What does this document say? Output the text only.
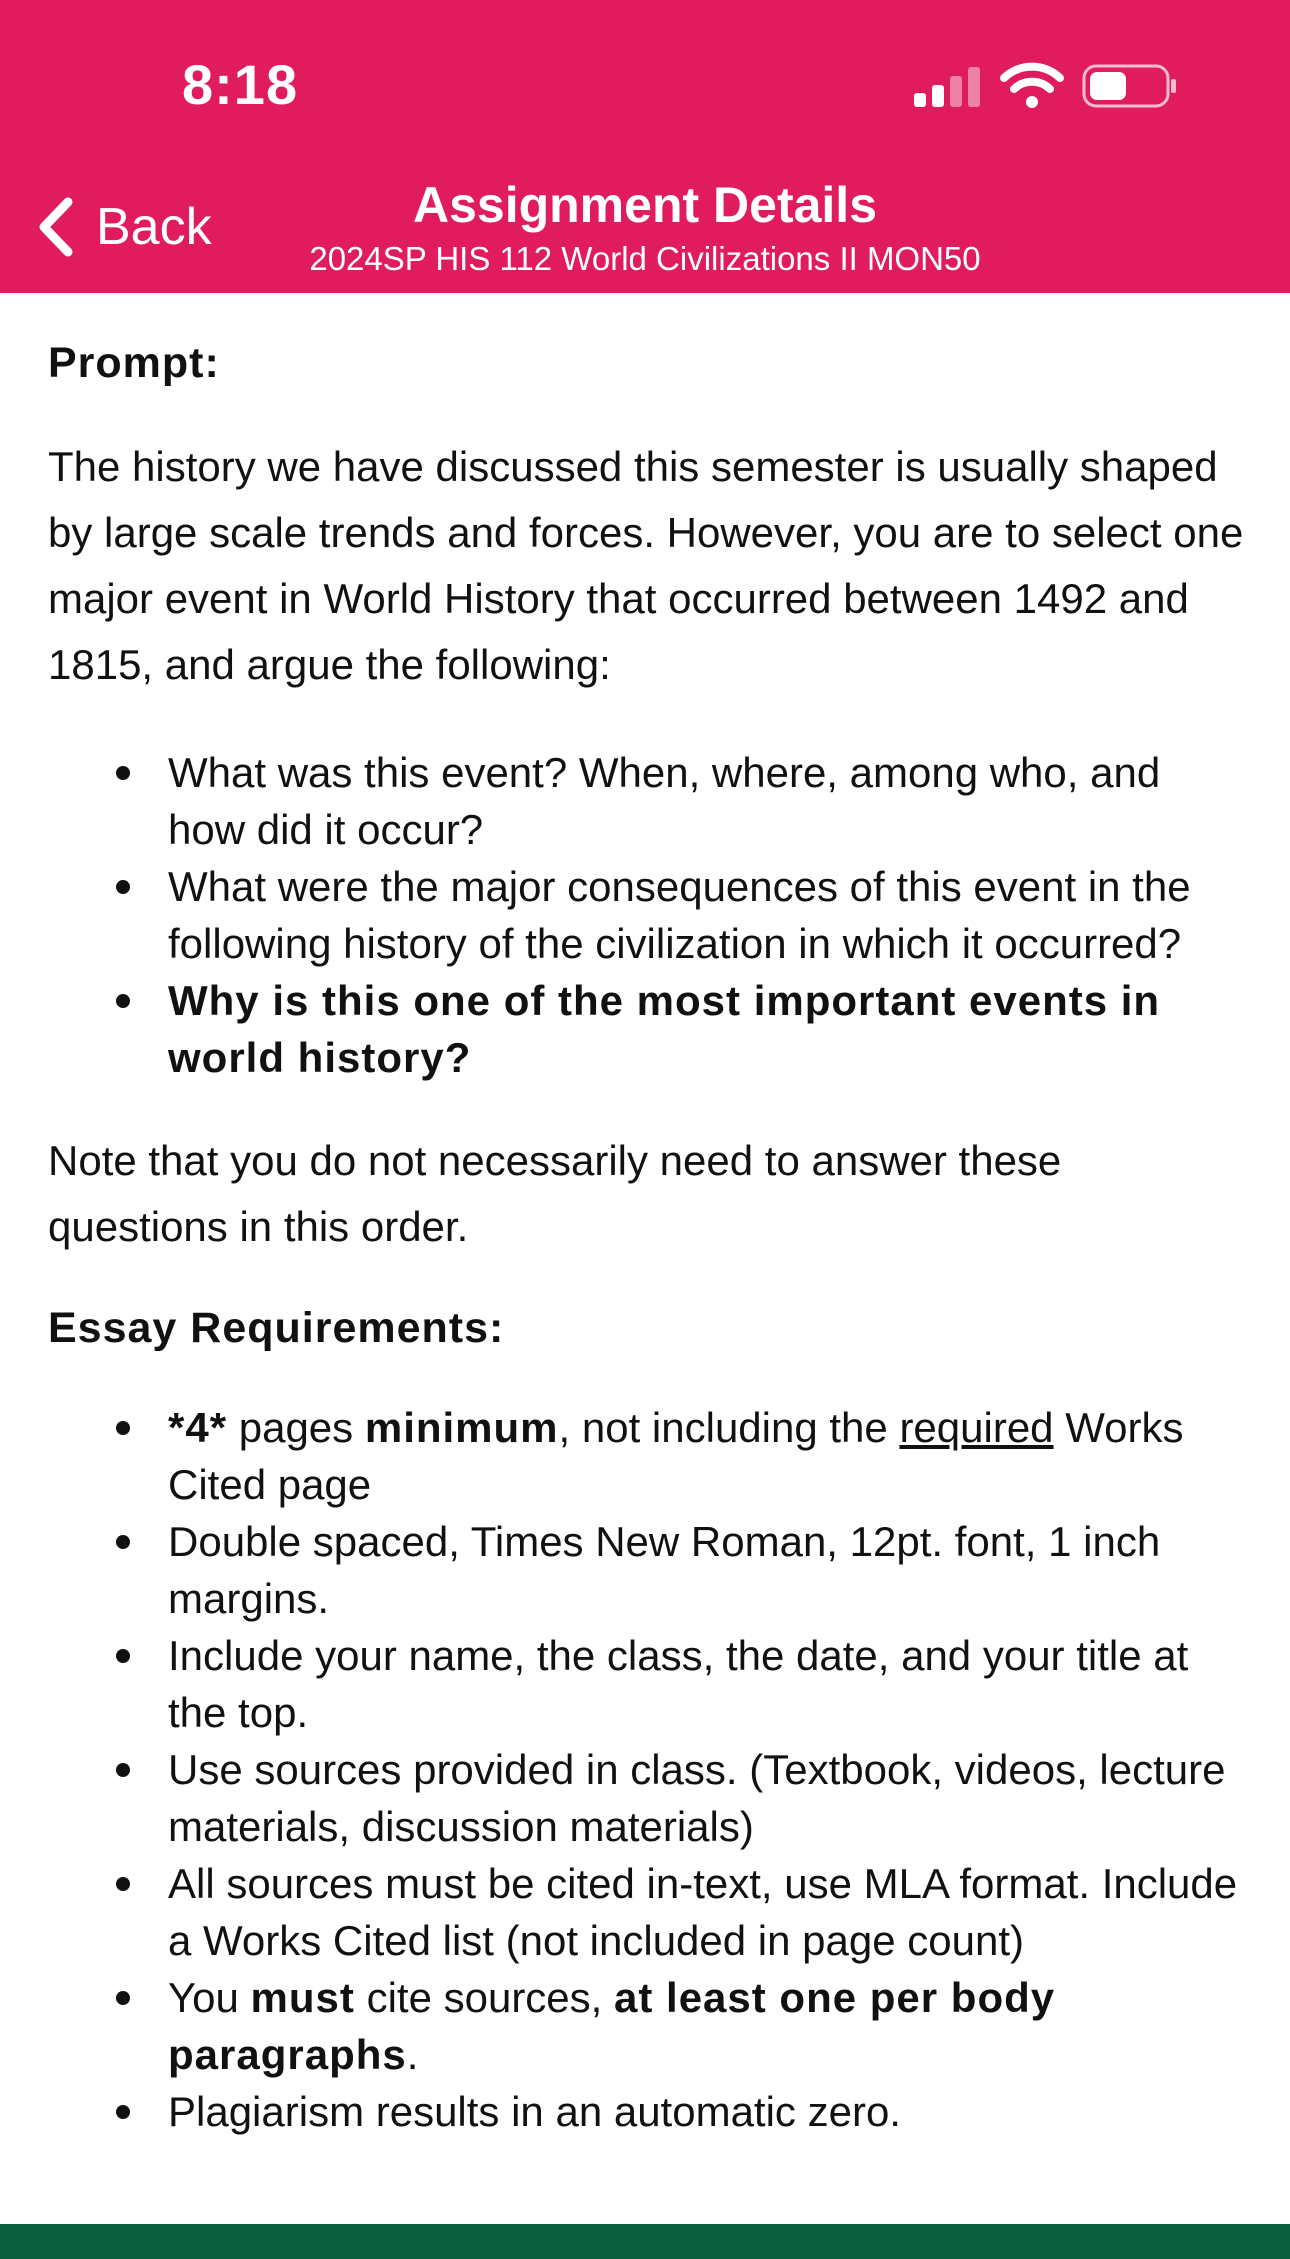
8:18
Back	Assignment Details
2024SP HIS 112 World Civilizations II MON50
Prompt:

The history we have discussed this semester is usually shaped by large scale trends and forces. However, you are to select one major event in World History that occurred between 1492 and 1815, and argue the following:

What was this event? When, where, among who, and how did it occur?
What were the major consequences of this event in the following history of the civilization in which it occurred?
Why is this one of the most important events in world history?

Note that you do not necessarily need to answer these questions in this order.

Essay Requirements:
*4* pages minimum, not including the required Works Cited page
Double spaced, Times New Roman, 12pt. font, 1 inch margins.
Include your name, the class, the date, and your title at the top.
Use sources provided in class. (Textbook, videos, lecture materials, discussion materials)
All sources must be cited in-text, use MLA format. Include a Works Cited list (not included in page count)
You must cite sources, at least one per body paragraphs.
Plagiarism results in an automatic zero.
